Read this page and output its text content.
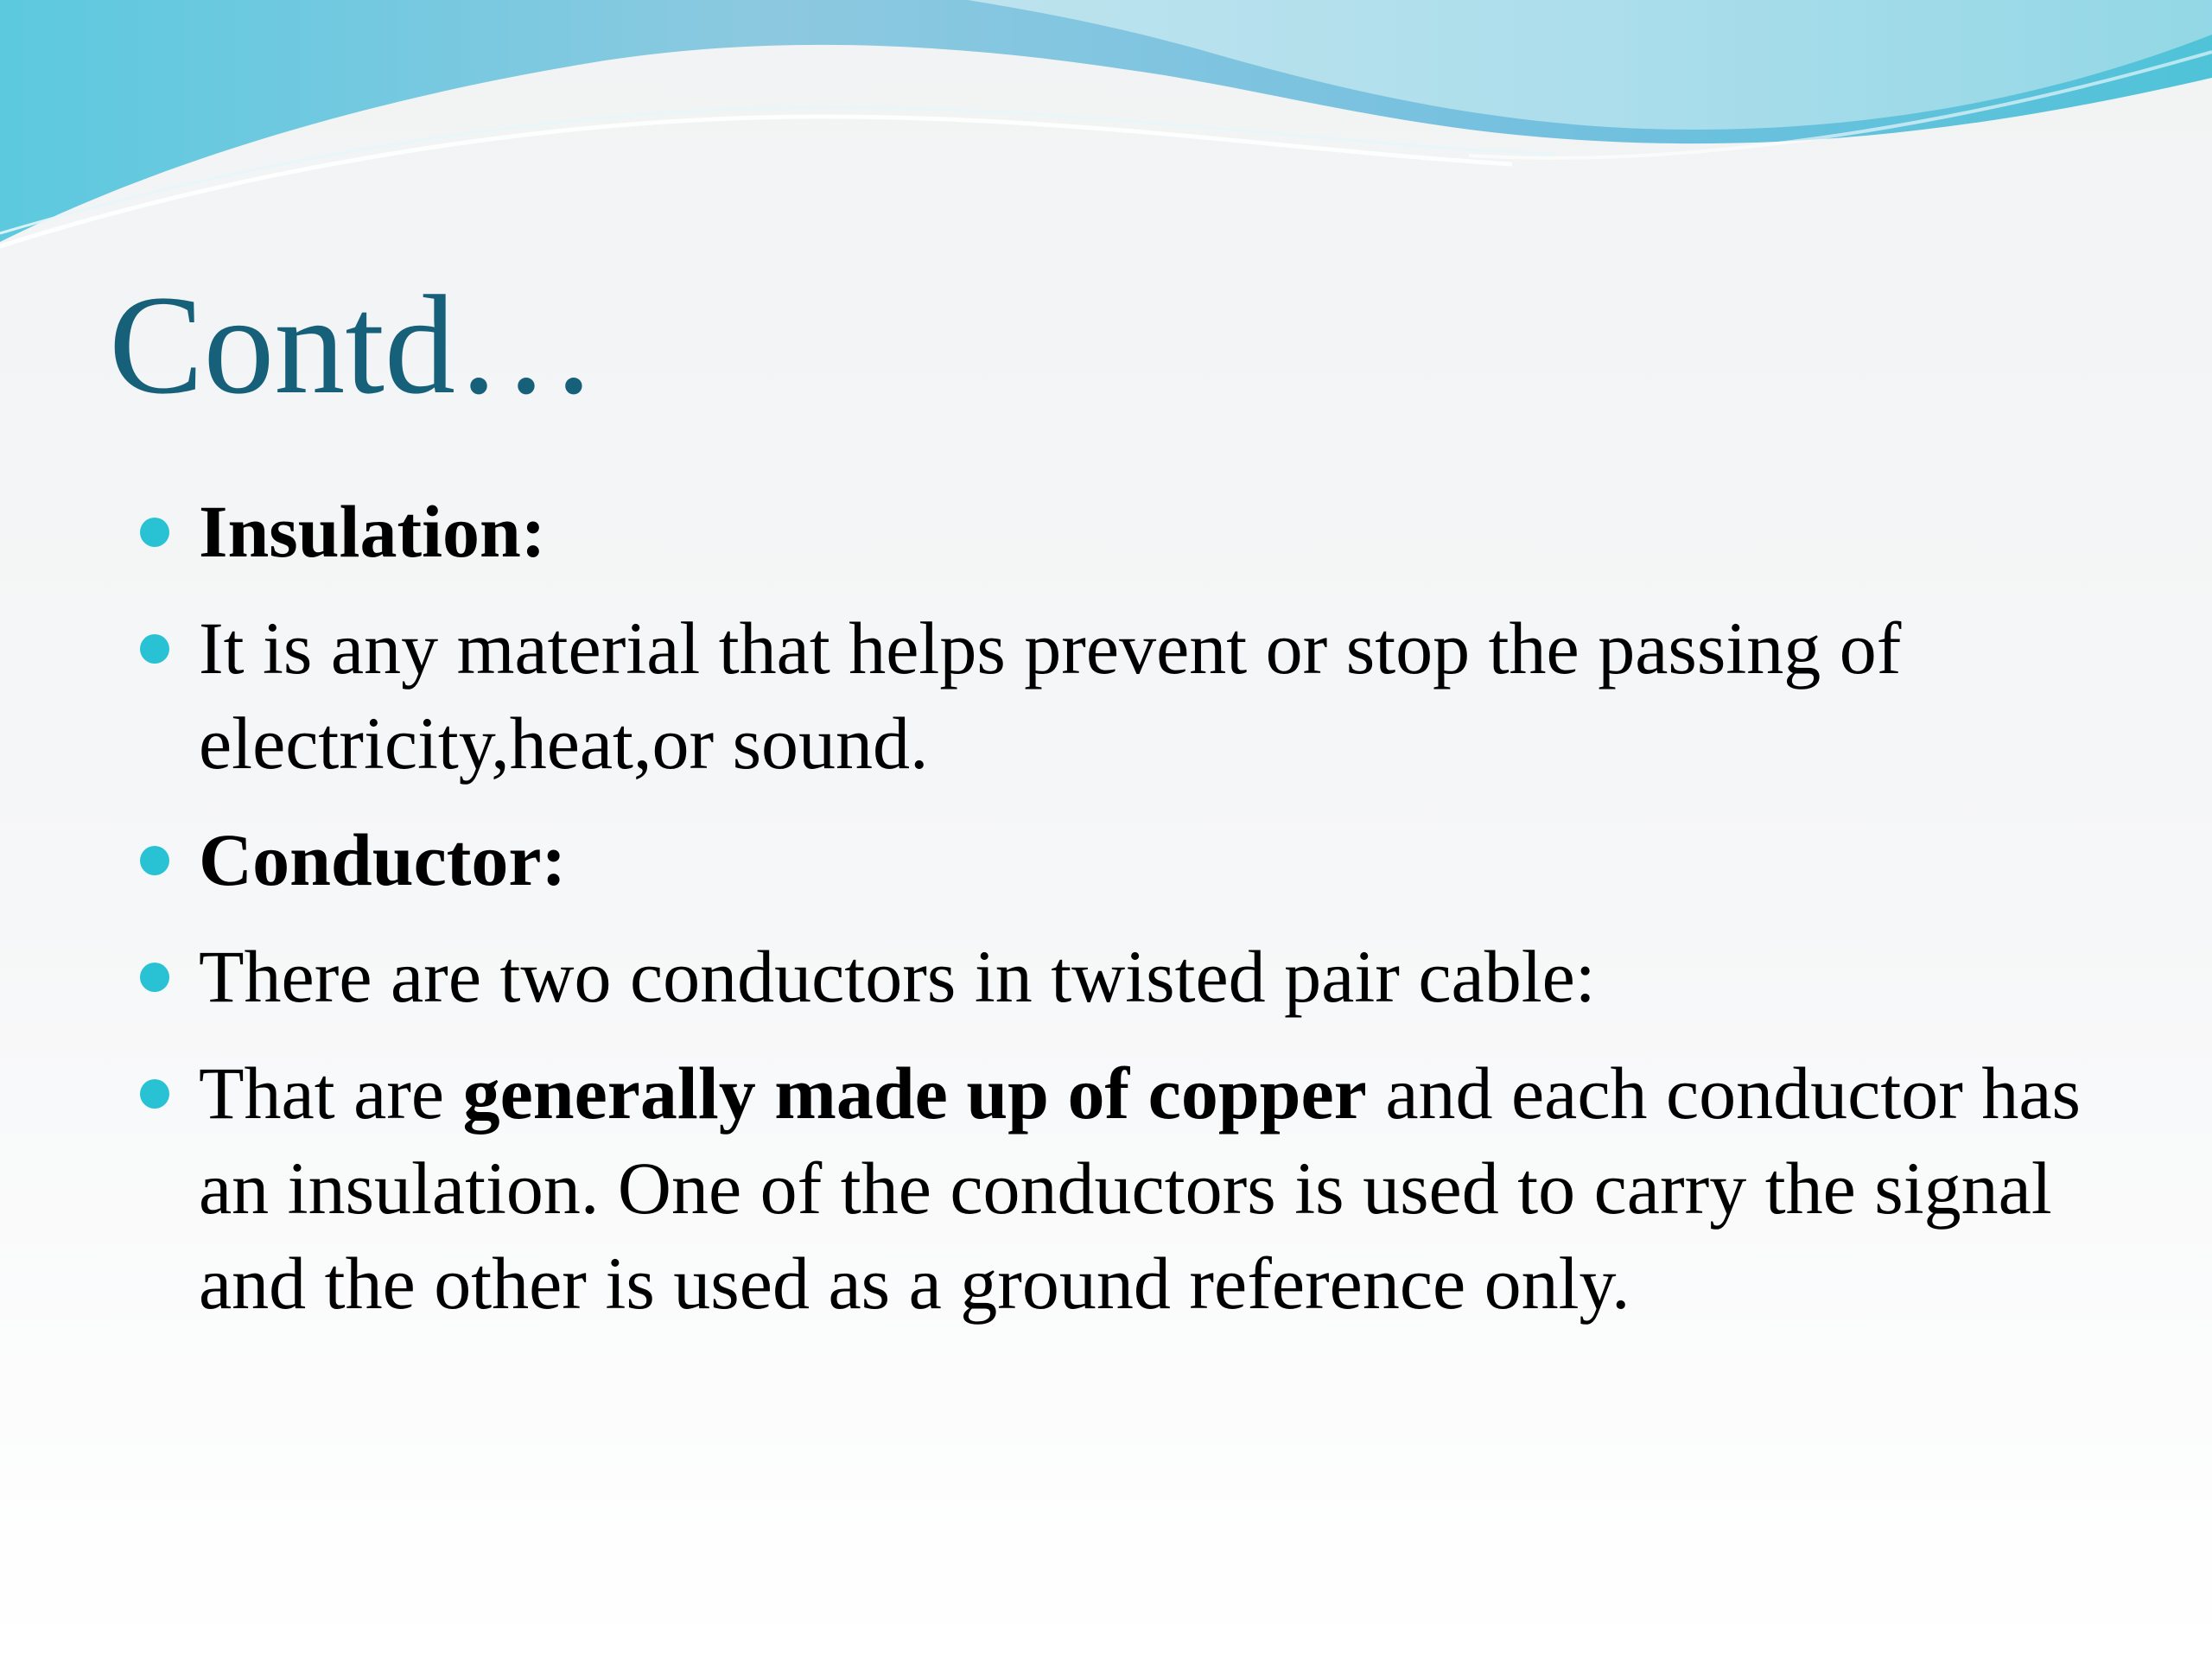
Contd…
Insulation:
It is any material that helps prevent or stop the passing of electricity,heat,or sound.
Conductor:
There are two conductors in twisted pair cable:
That are generally made up of copper and each conductor has an insulation. One of the conductors is used to carry the signal and the other is used as a ground reference only.
